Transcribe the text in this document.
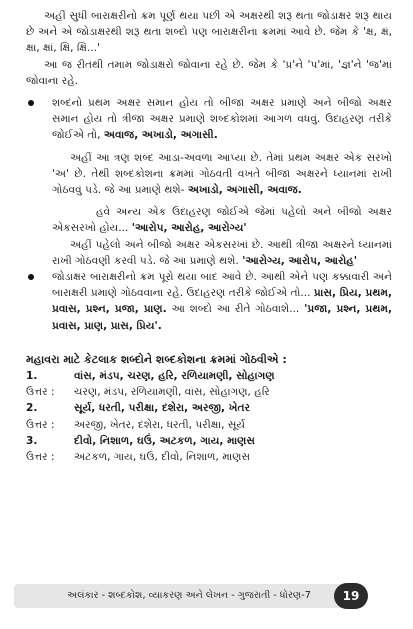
અહીં સુધી બારાક્ષરીનો ક્રમ પૂર્ણ થયા પછી એ અક્ષરથી શરૂ થતા જોડાક્ષર શરૂ થાય છે અને એ જોડાક્ષરથી શરૂ થતા શબ્દો પણ બારાક્ષરીના ક્રમમાં આવે છે. જેમ કે 'ક્ષ, ક્ષં, ક્ષા, ક્ષાં, ક્ષિ, ક્ષિં...'

આ જ રીતથી તમામ જોડાક્ષરો જોવાના રહે છે. જેમ કે 'પ્ર'ને 'પ'માં, 'જ્ઞ'ને 'જ'માં જોવાના રહે.

શબ્દનો પ્રથમ અક્ષર સમાન હોય તો બીજા અક્ષર પ્રમાણે અને બીજો અક્ષર સમાન હોય તો ત્રીજા અક્ષર પ્રમાણે શબ્દકોશમાં આગળ વધવું. ઉદાહરણ તરીકે જોઈએ તો, અવાજ, અખાડો, અગાસી.

અહીં આ ત્રણ શબ્દ આડા-અવળા આપ્યા છે. તેમાં પ્રથમ અક્ષર એક સરખો 'અ' છે. તેથી શબ્દકોશના ક્રમમાં ગોઠવતી વખતે બીજા અક્ષરને ધ્યાનમાં રાખી ગોઠવવું પડે. જે આ પ્રમાણે થશે- અખાડો, અગાસી, અવાજ.

હવે અન્ય એક ઉદાહરણ જોઈએ જેમાં પહેલો અને બીજો અક્ષર એકસરખો હોય... 'આરોપ, આરોહ, આરોગ્ય'

અહીં પહેલો અને બીજો અક્ષર એકસરખાં છે. આથી ત્રીજા અક્ષરને ધ્યાનમાં રાખી ગોઠવણી કરવી પડે. જે આ પ્રમાણે થશે. 'આરોગ્ય, આરોપ, આરોહ'

જોડાક્ષર બારાક્ષરીનો ક્રમ પૂરો થયા બાદ આવે છે. આથી એને પણ કક્કાવારી અને બારાક્ષરી પ્રમાણે ગોઠવવાના રહે. ઉદાહરણ તરીકે જોઈએ તો... પ્રાસ, પ્રિય, પ્રથમ, પ્રવાસ, પ્રશ્ન, પ્રજા, પ્રાણ. આ શબ્દો આ રીતે ગોઠવાશે... 'પ્રજા, પ્રશ્ન, પ્રથમ, પ્રવાસ, પ્રાણ, પ્રાસ, પ્રિય'.

મહાવરા માટે કેટલાક શબ્દોને શબ્દકોશના ક્રમમાં ગોઠવીએ :
1.	વાંસ, મંડપ, ચરણ, હરિ, રળિયામણી, સોહાગણ
ઉત્તર :	ચરણ, મંડપ, રળિયામણી, વાંસ, સોહાગણ, હરિ
2.	સૂર્ય, ધરતી, પરીક્ષા, દશેરા, અરજી, ખેતર
ઉત્તર :	અરજી, ખેતર, દશેરા, ધરતી, પરીક્ષા, સૂર્ય
3.	દીવો, નિશાળ, ઘઉં, અટકળ, ગાય, માણસ
ઉત્તર :	અટકળ, ગાય, ઘઉં, દીવો, નિશાળ, માણસ
અલંકાર - શબ્દકોશ, વ્યાકરણ અને લેખન - ગુજરાતી - ધોરણ-7	19
